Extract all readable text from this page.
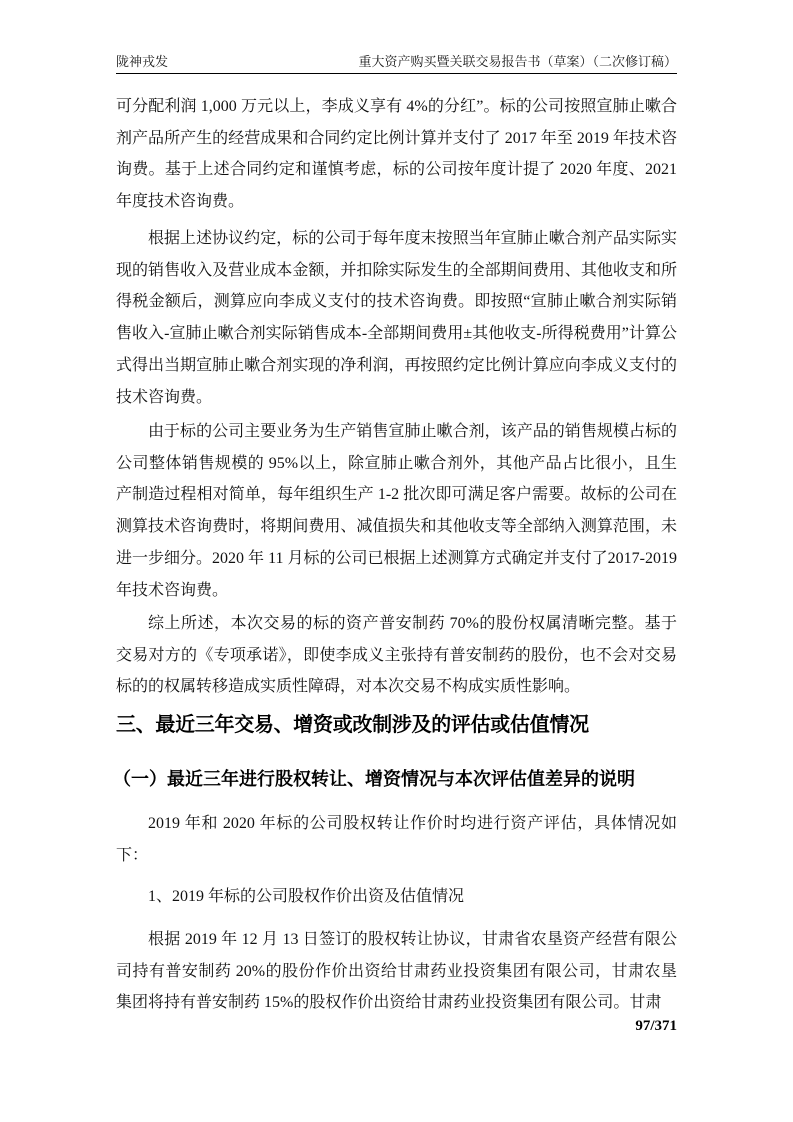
陇神戎发	重大资产购买暨关联交易报告书（草案）（二次修订稿）

可分配利润 1,000 万元以上，李成义享有 4%的分红”。标的公司按照宣肺止嗽合剂产品所产生的经营成果和合同约定比例计算并支付了 2017 年至 2019 年技术咨询费。基于上述合同约定和谨慎考虑，标的公司按年度计提了 2020 年度、2021 年度技术咨询费。

根据上述协议约定，标的公司于每年度末按照当年宣肺止嗽合剂产品实际实现的销售收入及营业成本金额，并扣除实际发生的全部期间费用、其他收支和所得税金额后，测算应向李成义支付的技术咨询费。即按照“宣肺止嗽合剂实际销售收入-宣肺止嗽合剂实际销售成本-全部期间费用±其他收支-所得税费用”计算公式得出当期宣肺止嗽合剂实现的净利润，再按照约定比例计算应向李成义支付的技术咨询费。

由于标的公司主要业务为生产销售宣肺止嗽合剂，该产品的销售规模占标的公司整体销售规模的 95%以上，除宣肺止嗽合剂外，其他产品占比很小，且生产制造过程相对简单，每年组织生产 1-2 批次即可满足客户需要。故标的公司在测算技术咨询费时，将期间费用、减值损失和其他收支等全部纳入测算范围，未进一步细分。2020 年 11 月标的公司已根据上述测算方式确定并支付了2017-2019 年技术咨询费。

综上所述，本次交易的标的资产普安制药 70%的股份权属清晰完整。基于交易对方的《专项承诺》，即使李成义主张持有普安制药的股份，也不会对交易标的的权属转移造成实质性障碍，对本次交易不构成实质性影响。

三、最近三年交易、增资或改制涉及的评估或估值情况
（一）最近三年进行股权转让、增资情况与本次评估值差异的说明

2019 年和 2020 年标的公司股权转让作价时均进行资产评估，具体情况如下：

1、2019 年标的公司股权作价出资及估值情况

根据 2019 年 12 月 13 日签订的股权转让协议，甘肃省农垦资产经营有限公司持有普安制药 20%的股份作价出资给甘肃药业投资集团有限公司，甘肃农垦集团将持有普安制药 15%的股权作价出资给甘肃药业投资集团有限公司。甘肃

97/371
